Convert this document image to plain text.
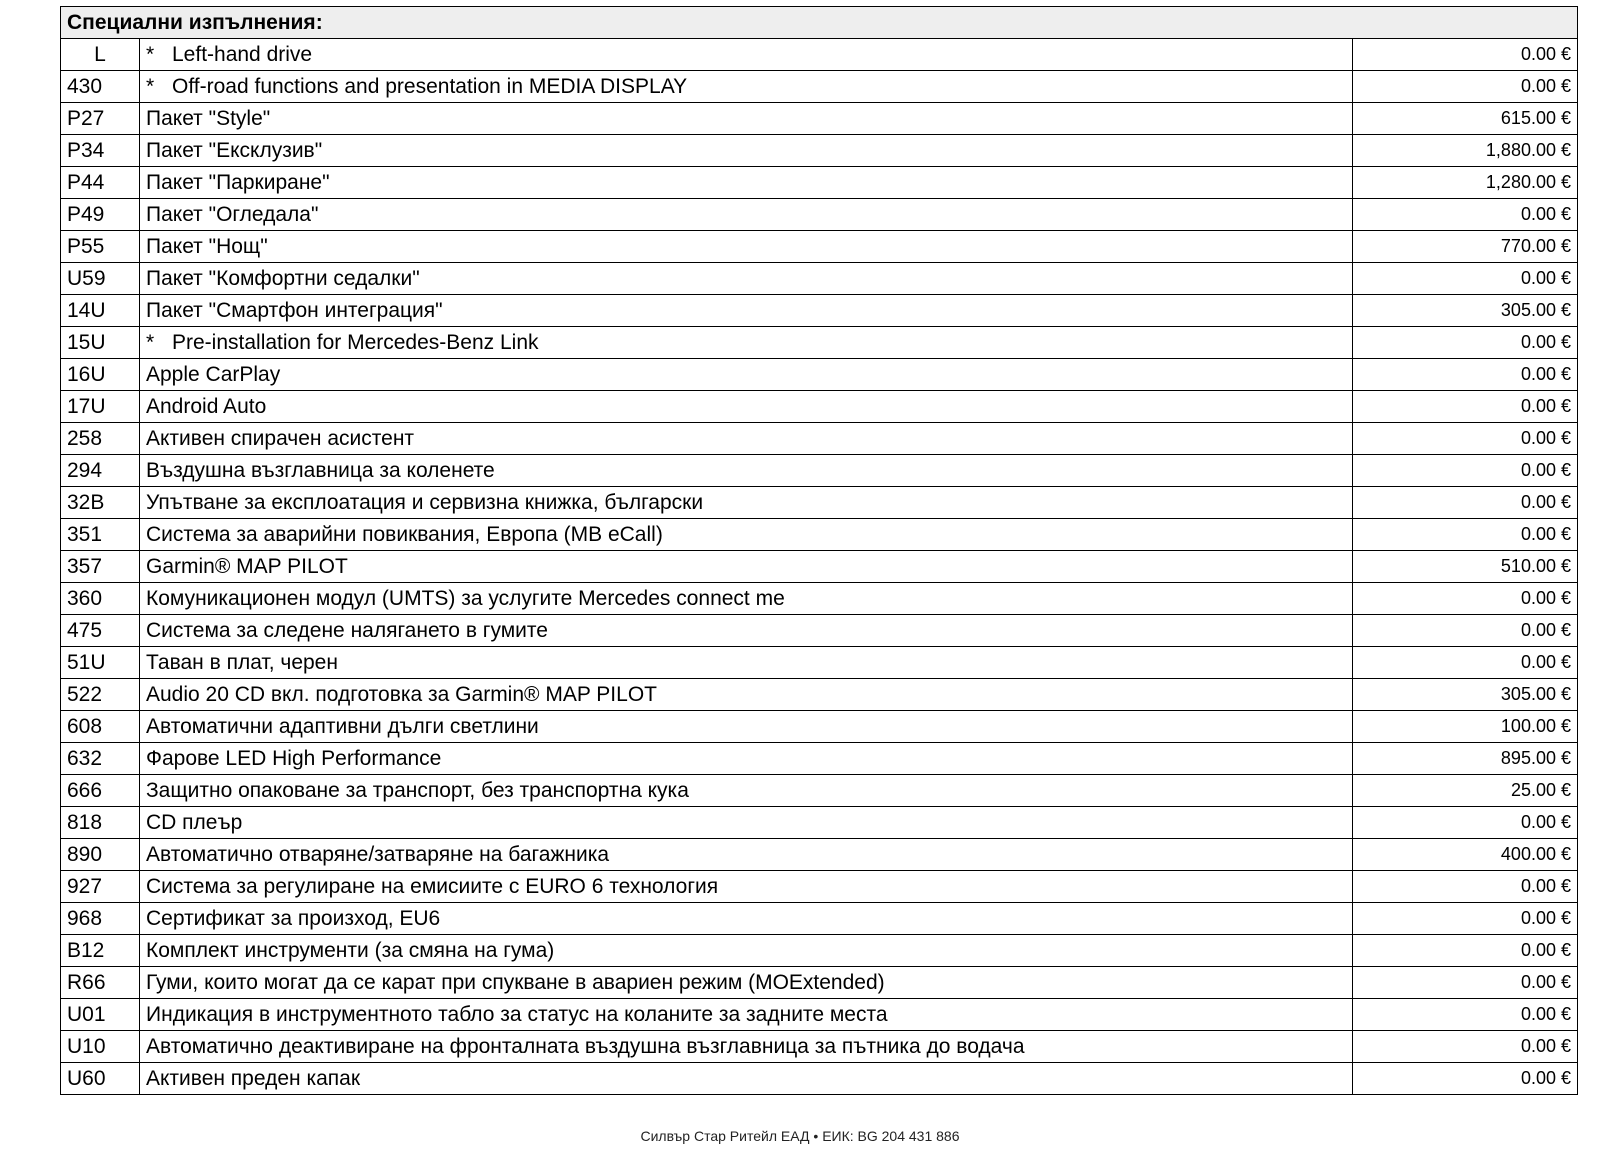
Специални изпълнения:		
L	* Left-hand drive	0.00 €
430	* Off-road functions and presentation in MEDIA DISPLAY	0.00 €
P27	Пакет "Style"	615.00 €
P34	Пакет "Ексклузив"	1,880.00 €
P44	Пакет "Паркиране"	1,280.00 €
P49	Пакет "Огледала"	0.00 €
P55	Пакет "Нощ"	770.00 €
U59	Пакет "Комфортни седалки"	0.00 €
14U	Пакет "Смартфон интеграция"	305.00 €
15U	* Pre-installation for Mercedes-Benz Link	0.00 €
16U	Apple CarPlay	0.00 €
17U	Android Auto	0.00 €
258	Активен спирачен асистент	0.00 €
294	Въздушна възглавница за коленете	0.00 €
32B	Упътване за експлоатация и сервизна книжка, български	0.00 €
351	Система за аварийни повиквания, Европа (MB eCall)	0.00 €
357	Garmin® MAP PILOT	510.00 €
360	Комуникационен модул (UMTS) за услугите Mercedes connect me	0.00 €
475	Система за следене налягането в гумите	0.00 €
51U	Таван в плат, черен	0.00 €
522	Audio 20 CD вкл. подготовка за Garmin® MAP PILOT	305.00 €
608	Автоматични адаптивни дълги светлини	100.00 €
632	Фарове LED High Performance	895.00 €
666	Защитно опаковане за транспорт, без транспортна кука	25.00 €
818	CD плеър	0.00 €
890	Автоматично отваряне/затваряне на багажника	400.00 €
927	Система за регулиране на емисиите с EURO 6 технология	0.00 €
968	Сертификат за произход, EU6	0.00 €
B12	Комплект инструменти (за смяна на гума)	0.00 €
R66	Гуми, които могат да се карат при спукване в авариен режим (MOExtended)	0.00 €
U01	Индикация в инструментното табло за статус на коланите за задните места	0.00 €
U10	Автоматично деактивиране на фронталната въздушна възглавница за пътника до водача	0.00 €
U60	Активен преден капак	0.00 €
Силвър Стар Ритейл ЕАД • ЕИК: BG 204 431 886
